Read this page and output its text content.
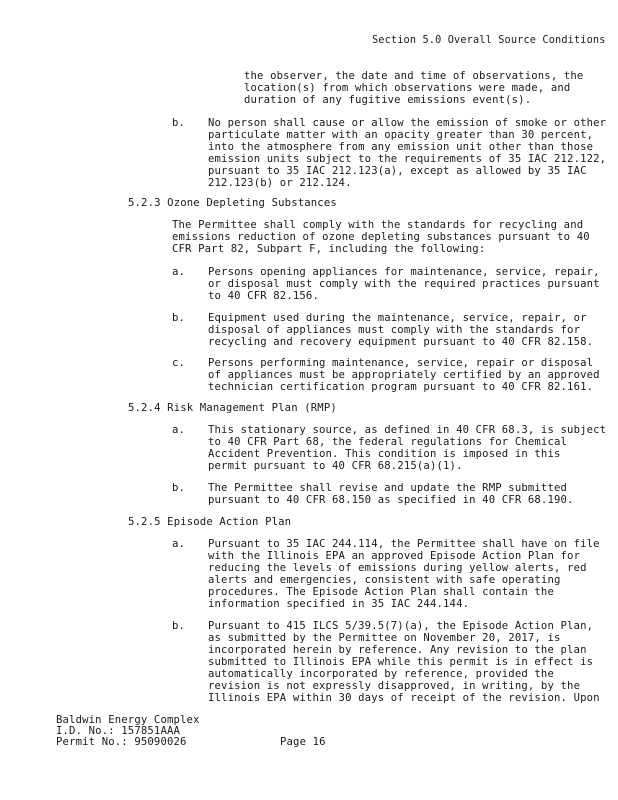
Section 5.0 Overall Source Conditions

the observer, the date and time of observations, the

location(s) from which observations were made, and

duration of any fugitive emissions event(s).

b. No person shall cause or allow the emission of smoke or other

particulate matter with an opacity greater than 30 percent,

into the atmosphere from any emission unit other than those

emission units subject to the requirements of 35 IAC 212.122,

pursuant to 35 IAC 212.123(a), except as allowed by 35 IAC

212.123(b) or 212.124.

5.2.3 Ozone Depleting Substances

The Permittee shall comply with the standards for recycling and

emissions reduction of ozone depleting substances pursuant to 40

CFR Part 82, Subpart F, including the following:

a. Persons opening appliances for maintenance, service, repair,

or disposal must comply with the required practices pursuant

to 40 CFR 82.156.

b. Equipment used during the maintenance, service, repair, or

disposal of appliances must comply with the standards for

recycling and recovery equipment pursuant to 40 CFR 82.158.

c. Persons performing maintenance, service, repair or disposal

of appliances must be appropriately certified by an approved

technician certification program pursuant to 40 CFR 82.161.

5.2.4 Risk Management Plan (RMP)

a. This stationary source, as defined in 40 CFR 68.3, is subject

to 40 CFR Part 68, the federal regulations for Chemical

Accident Prevention. This condition is imposed in this

permit pursuant to 40 CFR 68.215(a)(1).

b. The Permittee shall revise and update the RMP submitted

pursuant to 40 CFR 68.150 as specified in 40 CFR 68.190.

5.2.5 Episode Action Plan

a. Pursuant to 35 IAC 244.114, the Permittee shall have on file

with the Illinois EPA an approved Episode Action Plan for

reducing the levels of emissions during yellow alerts, red

alerts and emergencies, consistent with safe operating

procedures. The Episode Action Plan shall contain the

information specified in 35 IAC 244.144.

b. Pursuant to 415 ILCS 5/39.5(7)(a), the Episode Action Plan,

as submitted by the Permittee on November 20, 2017, is

incorporated herein by reference. Any revision to the plan

submitted to Illinois EPA while this permit is in effect is

automatically incorporated by reference, provided the

revision is not expressly disapproved, in writing, by the

Illinois EPA within 30 days of receipt of the revision. Upon

Baldwin Energy Complex

I.D. No.: 157851AAA

Permit No.: 95090026	Page 16
